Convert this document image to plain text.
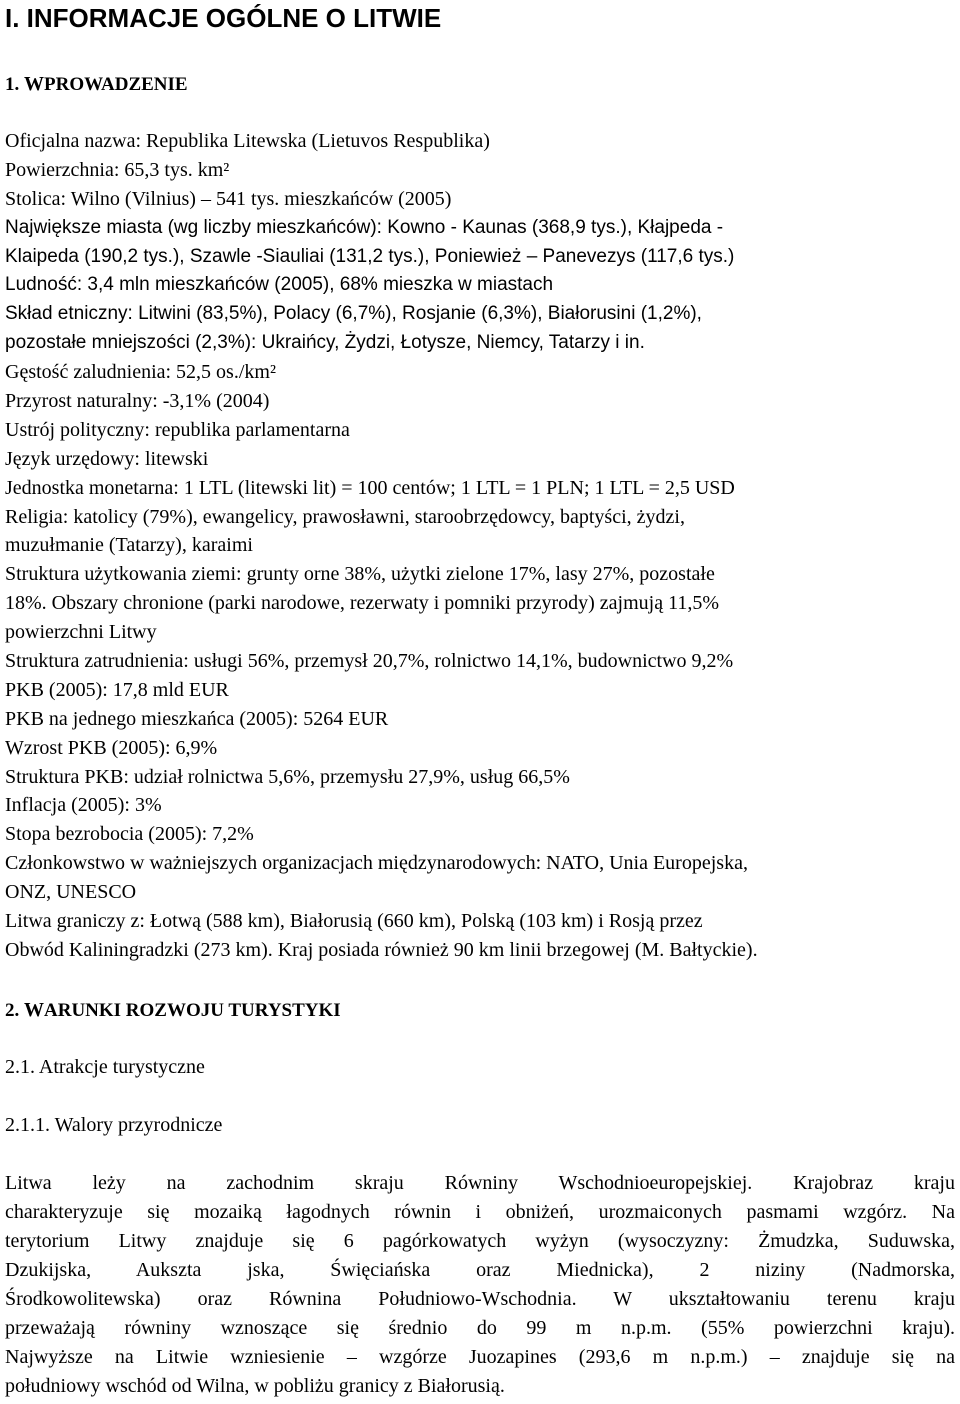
I. INFORMACJE OGÓLNE O LITWIE
1. WPROWADZENIE
Oficjalna nazwa: Republika Litewska (Lietuvos Respublika)
Powierzchnia: 65,3 tys. km²
Stolica: Wilno (Vilnius) – 541 tys. mieszkańców (2005)
Największe miasta (wg liczby mieszkańców): Kowno - Kaunas (368,9 tys.), Kłajpeda -
Klaipeda (190,2 tys.), Szawle -Siauliai (131,2 tys.), Poniewież – Panevezys (117,6 tys.)
Ludność: 3,4 mln mieszkańców (2005), 68% mieszka w miastach
Skład etniczny: Litwini (83,5%), Polacy (6,7%), Rosjanie (6,3%), Białorusini (1,2%),
pozostałe mniejszości (2,3%): Ukraińcy, Żydzi, Łotysze, Niemcy, Tatarzy i in.
Gęstość zaludnienia: 52,5 os./km²
Przyrost naturalny: -3,1% (2004)
Ustrój polityczny: republika parlamentarna
Język urzędowy: litewski
Jednostka monetarna: 1 LTL (litewski lit) = 100 centów; 1 LTL = 1 PLN; 1 LTL = 2,5 USD
Religia: katolicy (79%), ewangelicy, prawosławni, staroobrzędowcy, baptyści, żydzi,
muzułmanie (Tatarzy), karaimi
Struktura użytkowania ziemi: grunty orne 38%, użytki zielone 17%, lasy 27%, pozostałe
18%. Obszary chronione (parki narodowe, rezerwaty i pomniki przyrody) zajmują 11,5%
powierzchni Litwy
Struktura zatrudnienia: usługi 56%, przemysł 20,7%, rolnictwo 14,1%, budownictwo 9,2%
PKB (2005): 17,8 mld EUR
PKB na jednego mieszkańca (2005): 5264 EUR
Wzrost PKB (2005): 6,9%
Struktura PKB: udział rolnictwa 5,6%, przemysłu 27,9%, usług 66,5%
Inflacja (2005): 3%
Stopa bezrobocia (2005): 7,2%
Członkowstwo w ważniejszych organizacjach międzynarodowych: NATO, Unia Europejska,
ONZ, UNESCO
Litwa graniczy z: Łotwą (588 km), Białorusią (660 km), Polską (103 km) i Rosją przez
Obwód Kaliningradzki (273 km). Kraj posiada również 90 km linii brzegowej (M. Bałtyckie).
2. WARUNKI ROZWOJU TURYSTYKI
2.1. Atrakcje turystyczne
2.1.1. Walory przyrodnicze
Litwa leży na zachodnim skraju Równiny Wschodnioeuropejskiej. Krajobraz kraju
charakteryzuje się mozaiką łagodnych równin i obniżeń, urozmaiconych pasmami wzgórz. Na
terytorium Litwy znajduje się 6 pagórkowatych wyżyn (wysoczyzny: Żmudzka, Suduwska,
Dzukijska, Aukszta jska, Święciańska oraz Miednicka), 2 niziny (Nadmorska,
Środkowolitewska) oraz Równina Południowo-Wschodnia. W ukształtowaniu terenu kraju
przeważają równiny wznoszące się średnio do 99 m n.p.m. (55% powierzchni kraju).
Najwyższe na Litwie wzniesienie – wzgórze Juozapines (293,6 m n.p.m.) – znajduje się na
południowy wschód od Wilna, w pobliżu granicy z Białorusią.
